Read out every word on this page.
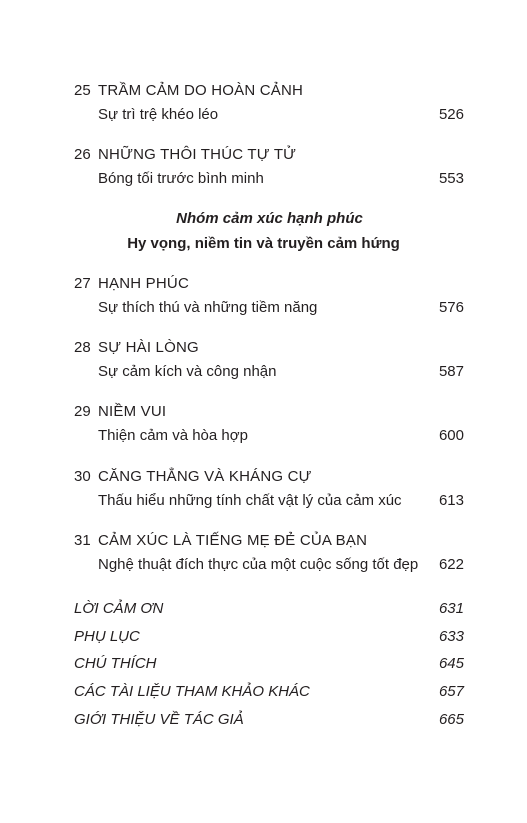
25 TRẦM CẢM DO HOÀN CẢNH
Sự trì trệ khéo léo	526
26 NHỮNG THÔI THÚC TỰ TỬ
Bóng tối trước bình minh	553
Nhóm cảm xúc hạnh phúc
Hy vọng, niềm tin và truyền cảm hứng
27 HẠNH PHÚC
Sự thích thú và những tiềm năng	576
28 SỰ HÀI LÒNG
Sự cảm kích và công nhận	587
29 NIỀM VUI
Thiện cảm và hòa hợp	600
30 CĂNG THẲNG VÀ KHÁNG CỰ
Thấu hiểu những tính chất vật lý của cảm xúc 613
31 CẢM XÚC LÀ TIẾNG MẸ ĐẺ CỦA BẠN
Nghệ thuật đích thực của một cuộc sống tốt đẹp 622
LỜI CẢM ƠN	631
PHỤ LỤC	633
CHÚ THÍCH	645
CÁC TÀI LIỆU THAM KHẢO KHÁC	657
GIỚI THIỆU VỀ TÁC GIẢ	665
